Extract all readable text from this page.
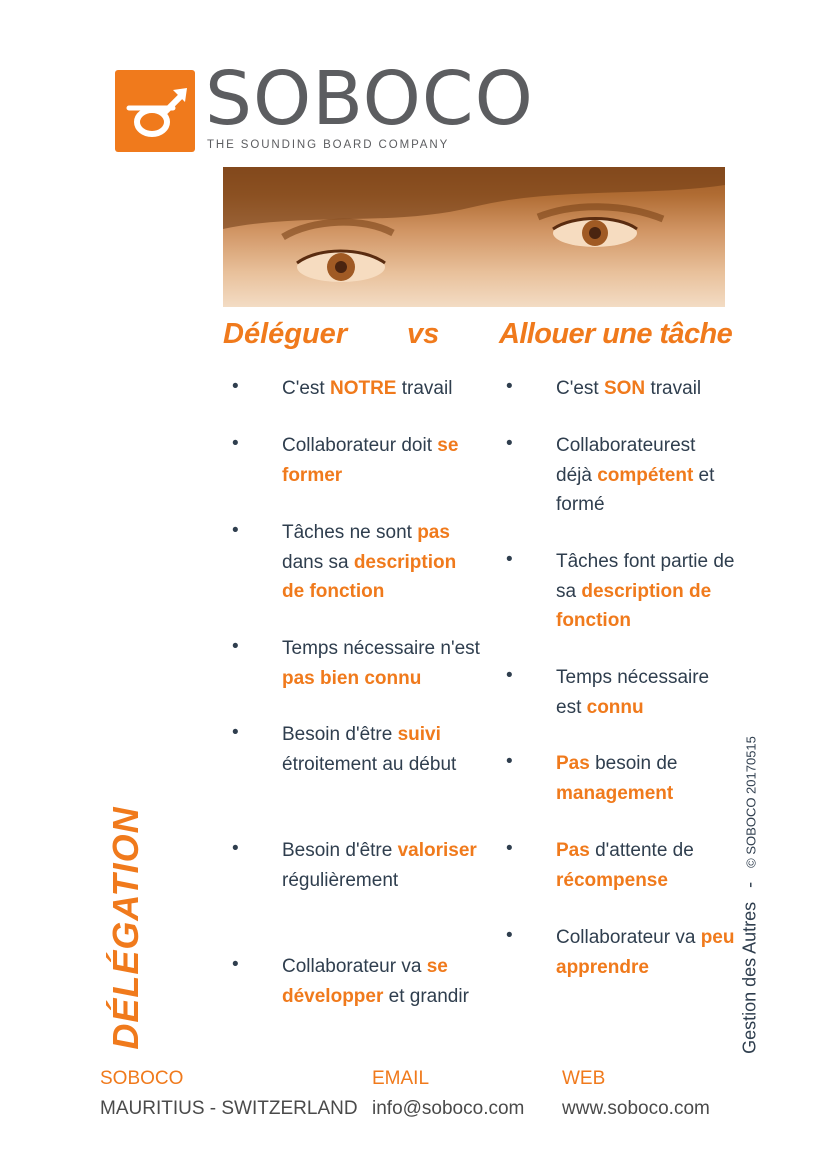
SOBOCO
THE SOUNDING BOARD COMPANY
Déléguer vs Allouer une tâche
• C'est NOTRE travail
• Collaborateur doit se former
• Tâches ne sont pas dans sa description de fonction
• Temps nécessaire n'est pas bien connu
• Besoin d'être suivi étroitement au début
• Besoin d'être valoriser régulièrement
• Collaborateur va se développer et grandir
• C'est SON travail
• Collaborateurest déjà compétent et formé
• Tâches font partie de sa description de fonction
• Temps nécessaire est connu
• Pas besoin de management
• Pas d'attente de récompense
• Collaborateur va peu apprendre
DÉLÉGATION	Gestion des Autres-© SOBOCO 20170515
SOBOCO
MAURITIUS - SWITZERLAND
EMAIL
info@soboco.com
WEB
www.soboco.com
